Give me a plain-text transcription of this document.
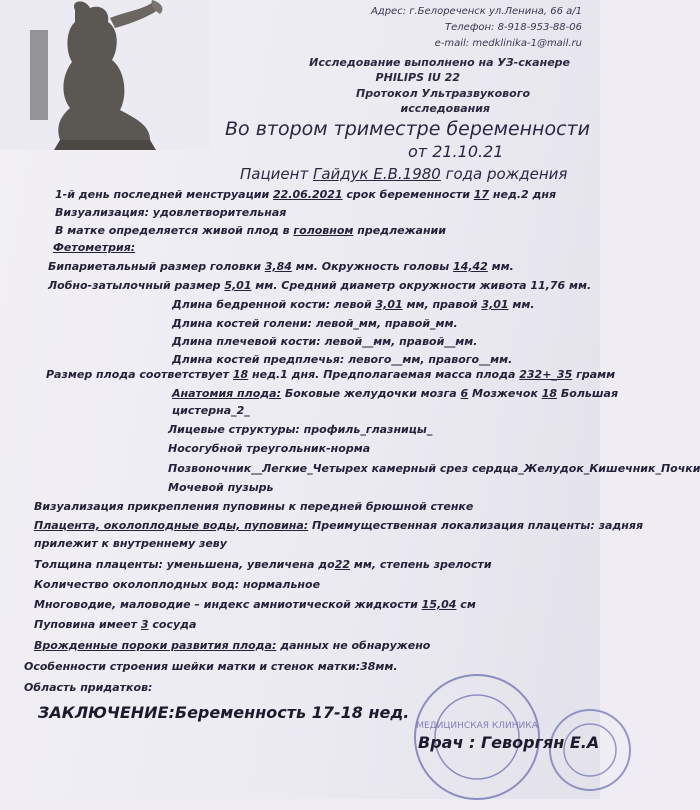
Адрес: г.Белореченск ул.Ленина, 66 а/1
Телефон: 8-918-953-88-06
e-mail: medklinika-1@mail.ru
Исследование выполнено на УЗ-сканере
PHILIPS IU 22
Протокол Ультразвукового
исследования
Во втором триместре беременности
от 21.10.21
Пациент Гайдук Е.В.1980 года рождения
1-й день последней менструации 22.06.2021 срок беременности 17 нед.2 дня
Визуализация: удовлетворительная
В матке определяется живой плод в головном предлежании
Фетометрия:
Бипариетальный размер головки 3,84 мм. Окружность головы 14,42 мм.
Лобно-затылочный размер 5,01 мм. Средний диаметр окружности живота 11,76 мм.
Длина бедренной кости: левой 3,01 мм, правой 3,01 мм.
Длина костей голени: левой_мм, правой_мм.
Длина плечевой кости: левой__мм, правой__мм.
Длина костей предплечья: левого__мм, правого__мм.
Размер плода соответствует 18 нед.1 дня. Предполагаемая масса плода 232+_35 грамм
Анатомия плода: Боковые желудочки мозга 6 Мозжечок 18 Большая
цистерна_2_
Лицевые структуры: профиль_глазницы_
Носогубной треугольник-норма
Позвоночник__Легкие_Четырех камерный срез сердца_Желудок_Кишечник_Почки
Мочевой пузырь
Визуализация прикрепления пуповины к передней брюшной стенке
Плацента, околоплодные воды, пуповина: Преимущественная локализация плаценты: задняя
прилежит к внутреннему зеву
Толщина плаценты: уменьшена, увеличена до22 мм, степень зрелости
Количество околоплодных вод: нормальное
Многоводие, маловодие – индекс амниотической жидкости 15,04 см
Пуповина имеет 3 сосуда
Врожденные пороки развития плода: данных не обнаружено
Особенности строения шейки матки и стенок матки:38мм.
Область придатков:
МЕДИЦИНСКАЯ КЛИНИКА
ЗАКЛЮЧЕНИЕ:Беременность 17-18 нед.
Врач : Геворгян Е.А
